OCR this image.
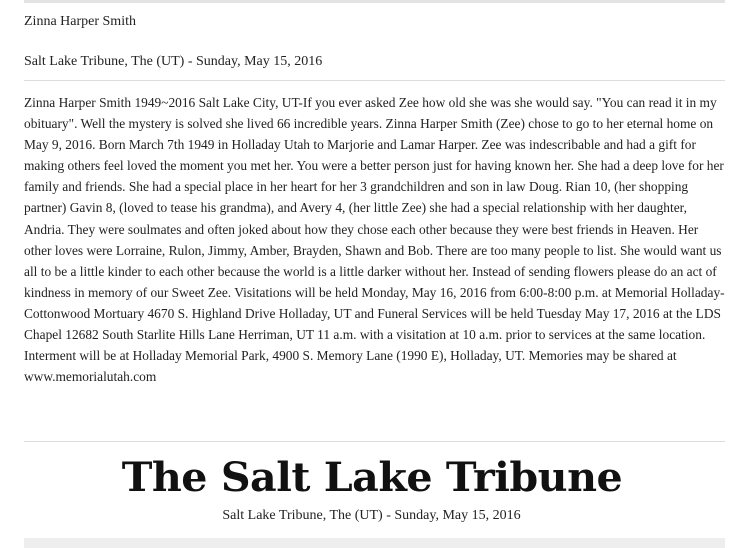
Zinna Harper Smith
Salt Lake Tribune, The (UT) - Sunday, May 15, 2016

Zinna Harper Smith 1949~2016 Salt Lake City, UT-If you ever asked Zee how old she was she would say. "You can read it in my obituary". Well the mystery is solved she lived 66 incredible years. Zinna Harper Smith (Zee) chose to go to her eternal home on May 9, 2016. Born March 7th 1949 in Holladay Utah to Marjorie and Lamar Harper. Zee was indescribable and had a gift for making others feel loved the moment you met her. You were a better person just for having known her. She had a deep love for her family and friends. She had a special place in her heart for her 3 grandchildren and son in law Doug. Rian 10, (her shopping partner) Gavin 8, (loved to tease his grandma), and Avery 4, (her little Zee) she had a special relationship with her daughter, Andria. They were soulmates and often joked about how they chose each other because they were best friends in Heaven. Her other loves were Lorraine, Rulon, Jimmy, Amber, Brayden, Shawn and Bob. There are too many people to list. She would want us all to be a little kinder to each other because the world is a little darker without her. Instead of sending flowers please do an act of kindness in memory of our Sweet Zee. Visitations will be held Monday, May 16, 2016 from 6:00-8:00 p.m. at Memorial Holladay-Cottonwood Mortuary 4670 S. Highland Drive Holladay, UT and Funeral Services will be held Tuesday May 17, 2016 at the LDS Chapel 12682 South Starlite Hills Lane Herriman, UT 11 a.m. with a visitation at 10 a.m. prior to services at the same location. Interment will be at Holladay Memorial Park, 4900 S. Memory Lane (1990 E), Holladay, UT. Memories may be shared at www.memorialutah.com

The Salt Lake Tribune
Salt Lake Tribune, The (UT) - Sunday, May 15, 2016
